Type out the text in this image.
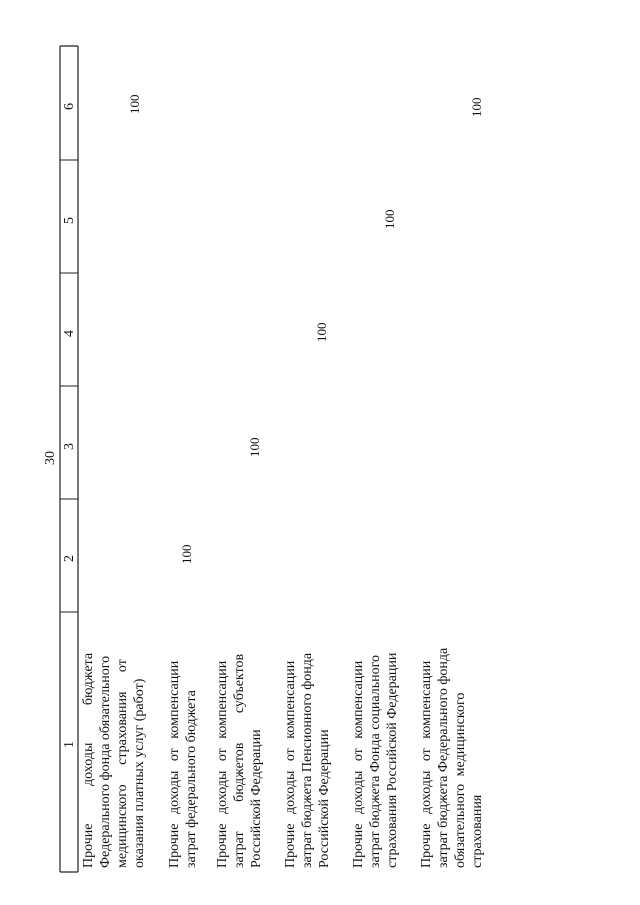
30
1
2
3
4
5
6
Прочие доходы бюджета Федерального фонда обязательного медицинского страхования от оказания платных услуг (работ)
100
Прочие доходы от компенсации затрат федерального бюджета
100
Прочие доходы от компенсации затрат бюджетов субъектов Российской Федерации
100
Прочие доходы от компенсации затрат бюджета Пенсионного фонда Российской Федерации
100
Прочие доходы от компенсации затрат бюджета Фонда социального страхования Российской Федерации
100
Прочие доходы от компенсации затрат бюджета Федерального фонда обязательного медицинского страхования
100
